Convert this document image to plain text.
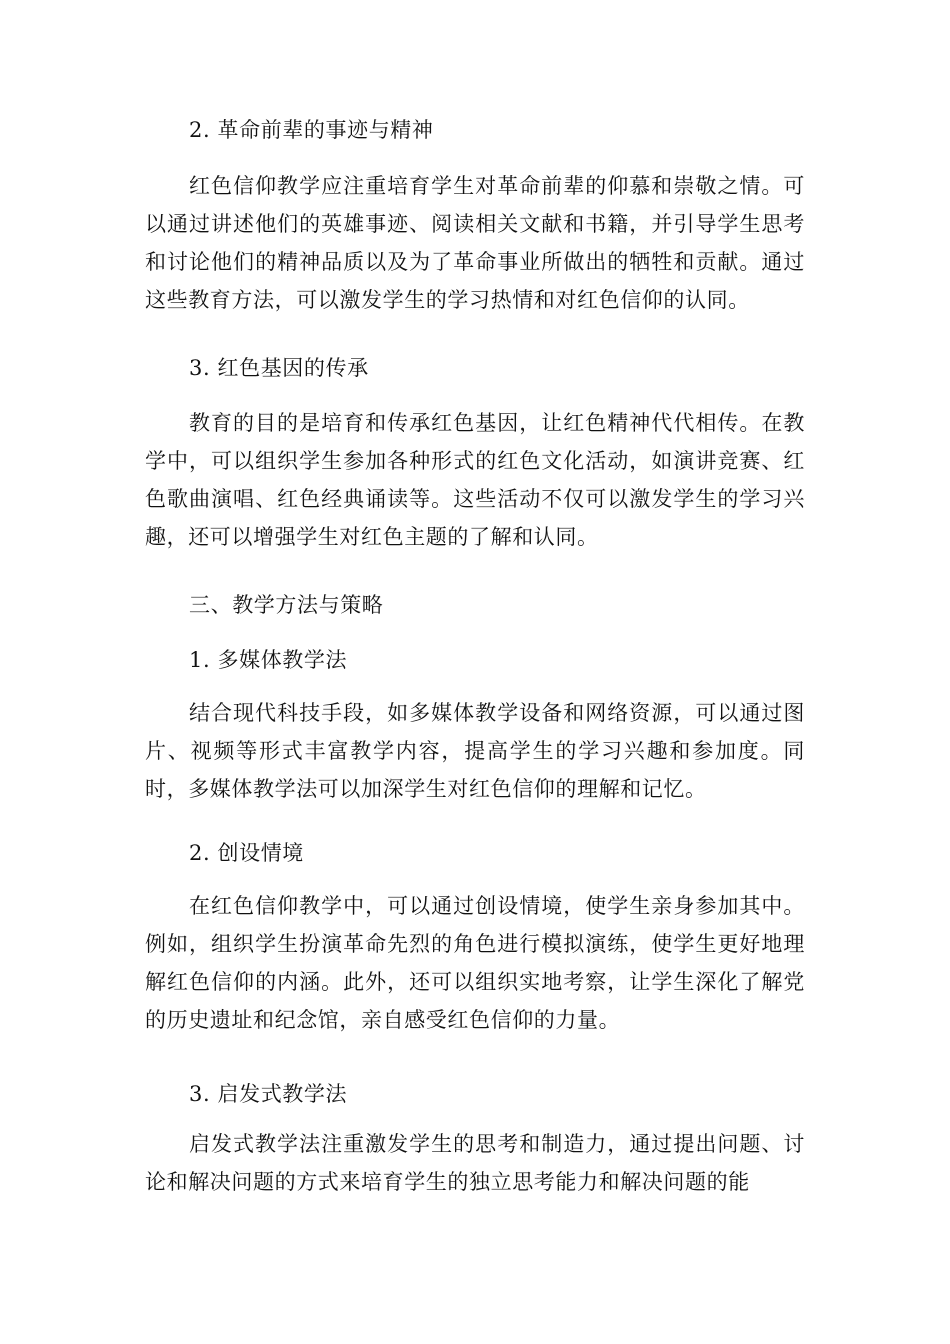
2. 革命前辈的事迹与精神

红色信仰教学应注重培育学生对革命前辈的仰慕和崇敬之情。可以通过讲述他们的英雄事迹、阅读相关文献和书籍，并引导学生思考和讨论他们的精神品质以及为了革命事业所做出的牺牲和贡献。通过这些教育方法，可以激发学生的学习热情和对红色信仰的认同。

3. 红色基因的传承

教育的目的是培育和传承红色基因，让红色精神代代相传。在教学中，可以组织学生参加各种形式的红色文化活动，如演讲竞赛、红色歌曲演唱、红色经典诵读等。这些活动不仅可以激发学生的学习兴趣，还可以增强学生对红色主题的了解和认同。

三、教学方法与策略

1. 多媒体教学法

结合现代科技手段，如多媒体教学设备和网络资源，可以通过图片、视频等形式丰富教学内容，提高学生的学习兴趣和参加度。同时，多媒体教学法可以加深学生对红色信仰的理解和记忆。

2. 创设情境

在红色信仰教学中，可以通过创设情境，使学生亲身参加其中。例如，组织学生扮演革命先烈的角色进行模拟演练，使学生更好地理解红色信仰的内涵。此外，还可以组织实地考察，让学生深化了解党的历史遗址和纪念馆，亲自感受红色信仰的力量。

3. 启发式教学法

启发式教学法注重激发学生的思考和制造力，通过提出问题、讨论和解决问题的方式来培育学生的独立思考能力和解决问题的能
